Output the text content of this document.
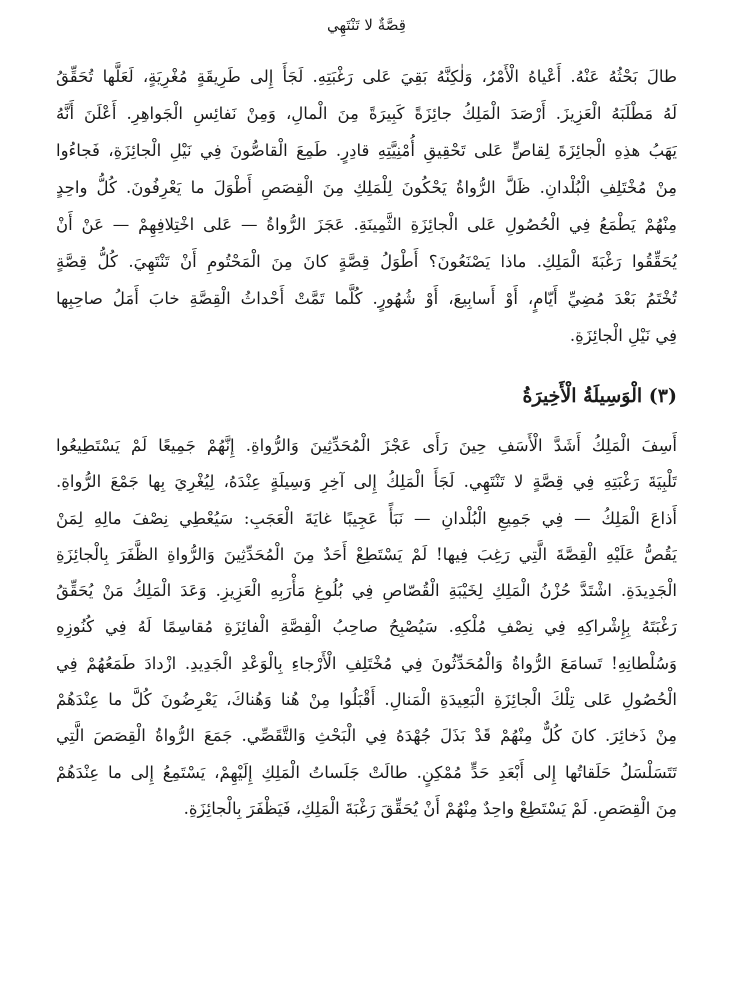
قِصَّةٌ لا تَنْتَهِي
طالَ بَحْثُهُ عَنْهُ. أَعْياهُ الْأَمْرُ، وَلٰكِنَّهُ بَقِيَ عَلى رَغْبَتِهِ. لَجَأَ إِلى طَرِيقَةٍ مُغْرِيَةٍ، لَعَلَّها تُحَقِّقُ
لَهُ مَطْلَبَهُ الْعَزِيزَ. أَرْصَدَ الْمَلِكُ جائِزَةً كَبِيرَةً مِنَ الْمالِ، وَمِنْ نَفائِسِ الْجَواهِرِ. أَعْلَنَ أَنَّهُ
يَهَبُ هذِهِ الْجائِزَةَ لِقاصٍّ عَلى تَحْقِيقِ أُمْنِيَّتِهِ قادِرٍ. طَمِعَ الْقاصُّونَ فِي نَيْلِ الْجائِزَةِ، فَجاءُوا
مِنْ مُخْتَلِفِ الْبُلْدانِ. ظَلَّ الرُّواةُ يَحْكُونَ لِلْمَلِكِ مِنَ الْقِصَصِ أَطْوَلَ ما يَعْرِفُونَ. كُلُّ واحِدٍ
مِنْهُمْ يَطْمَعُ فِي الْحُصُولِ عَلى الْجائِزَةِ الثَّمِينَةِ. عَجَزَ الرُّواةُ — عَلى اخْتِلافِهِمْ — عَنْ أَنْ
يُحَقِّقُوا رَغْبَةَ الْمَلِكِ. ماذا يَصْنَعُونَ؟ أَطْوَلُ قِصَّةٍ كانَ مِنَ الْمَحْتُومِ أَنْ تَنْتَهِيَ. كُلُّ قِصَّةٍ
تُخْتَمُ بَعْدَ مُضِيِّ أَيّامٍ، أَوْ أَسابِيعَ، أَوْ شُهُورٍ. كُلَّما تَمَّتْ أَحْداثُ الْقِصَّةِ خابَ أَمَلُ صاحِبِها
فِي نَيْلِ الْجائِزَةِ.
(٣) الْوَسِيلَةُ الْأَخِيرَةُ
أَسِفَ الْمَلِكُ أَشَدَّ الْأَسَفِ حِينَ رَأَى عَجْزَ الْمُحَدِّثِينَ وَالرُّواةِ. إِنَّهُمْ جَمِيعًا لَمْ يَسْتَطِيعُوا
تَلْبِيَةَ رَغْبَتِهِ فِي قِصَّةٍ لا تَنْتَهِي. لَجَأَ الْمَلِكُ إِلى آخِرِ وَسِيلَةٍ عِنْدَهُ، لِيُغْرِيَ بِها جَمْعَ الرُّواةِ.
أَذاعَ الْمَلِكُ — فِي جَمِيعِ الْبُلْدانِ — نَبَأً عَجِيبًا غايَةَ الْعَجَبِ: سَيُعْطِي نِصْفَ مالِهِ لِمَنْ
يَقُصُّ عَلَيْهِ الْقِصَّةَ الَّتِي رَغِبَ فِيها! لَمْ يَسْتَطِعْ أَحَدٌ مِنَ الْمُحَدِّثِينَ وَالرُّواةِ الظَّفَرَ بِالْجائِزَةِ
الْجَدِيدَةِ. اشْتَدَّ حُزْنُ الْمَلِكِ لِخَيْبَةِ الْقُصّاصِ فِي بُلُوغِ مَأْرَبِهِ الْعَزِيزِ. وَعَدَ الْمَلِكُ مَنْ يُحَقِّقُ
رَغْبَتَهُ بِإِشْراكِهِ فِي نِصْفِ مُلْكِهِ. سَيُصْبِحُ صاحِبُ الْقِصَّةِ الْفائِزَةِ مُقاسِمًا لَهُ فِي كُنُوزِهِ
وَسُلْطانِهِ! تَسامَعَ الرُّواةُ وَالْمُحَدِّثُونَ فِي مُخْتَلِفِ الْأَرْجاءِ بِالْوَعْدِ الْجَدِيدِ. ازْدادَ طَمَعُهُمْ فِي
الْحُصُولِ عَلى تِلْكَ الْجائِزَةِ الْبَعِيدَةِ الْمَنالِ. أَقْبَلُوا مِنْ هُنا وَهُناكَ، يَعْرِضُونَ كُلَّ ما عِنْدَهُمْ
مِنْ ذَخائِرَ. كانَ كُلٌّ مِنْهُمْ قَدْ بَذَلَ جُهْدَهُ فِي الْبَحْثِ وَالتَّقَصِّي. جَمَعَ الرُّواةُ الْقِصَصَ الَّتِي
تَتَسَلْسَلُ حَلَقاتُها إِلى أَبْعَدِ حَدٍّ مُمْكِنٍ. طالَتْ جَلَساتُ الْمَلِكِ إِلَيْهِمْ، يَسْتَمِعُ إِلى ما عِنْدَهُمْ
مِنَ الْقِصَصِ. لَمْ يَسْتَطِعْ واحِدٌ مِنْهُمْ أَنْ يُحَقِّقَ رَغْبَةَ الْمَلِكِ، فَيَظْفَرَ بِالْجائِزَةِ.
